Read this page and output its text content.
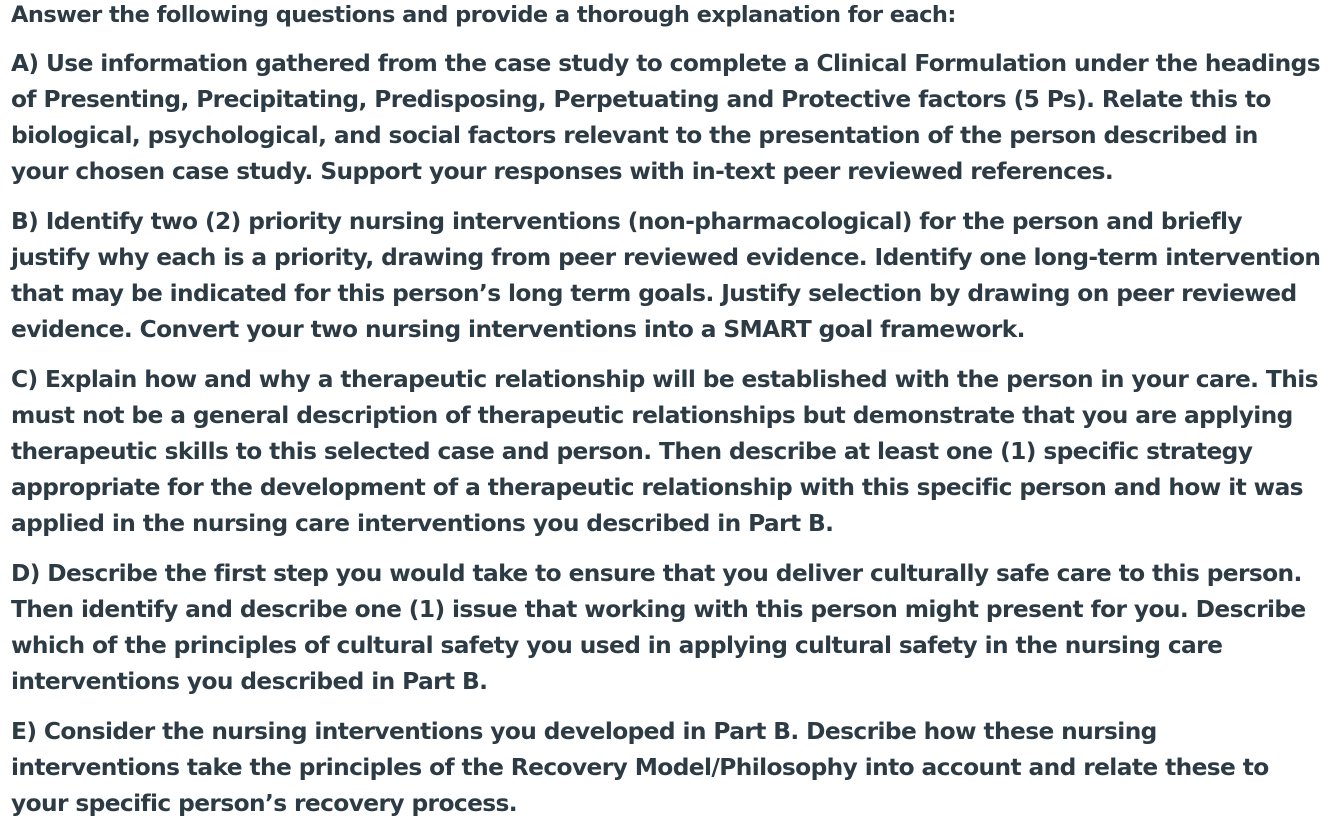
Answer the following questions and provide a thorough explanation for each:

A) Use information gathered from the case study to complete a Clinical Formulation under the headings of Presenting, Precipitating, Predisposing, Perpetuating and Protective factors (5 Ps). Relate this to biological, psychological, and social factors relevant to the presentation of the person described in your chosen case study. Support your responses with in-text peer reviewed references.

B) Identify two (2) priority nursing interventions (non-pharmacological) for the person and briefly justify why each is a priority, drawing from peer reviewed evidence. Identify one long-term intervention that may be indicated for this person’s long term goals. Justify selection by drawing on peer reviewed evidence. Convert your two nursing interventions into a SMART goal framework.

C) Explain how and why a therapeutic relationship will be established with the person in your care. This must not be a general description of therapeutic relationships but demonstrate that you are applying therapeutic skills to this selected case and person. Then describe at least one (1) specific strategy appropriate for the development of a therapeutic relationship with this specific person and how it was applied in the nursing care interventions you described in Part B.

D) Describe the first step you would take to ensure that you deliver culturally safe care to this person. Then identify and describe one (1) issue that working with this person might present for you. Describe which of the principles of cultural safety you used in applying cultural safety in the nursing care interventions you described in Part B.

E) Consider the nursing interventions you developed in Part B. Describe how these nursing interventions take the principles of the Recovery Model/Philosophy into account and relate these to your specific person’s recovery process.
